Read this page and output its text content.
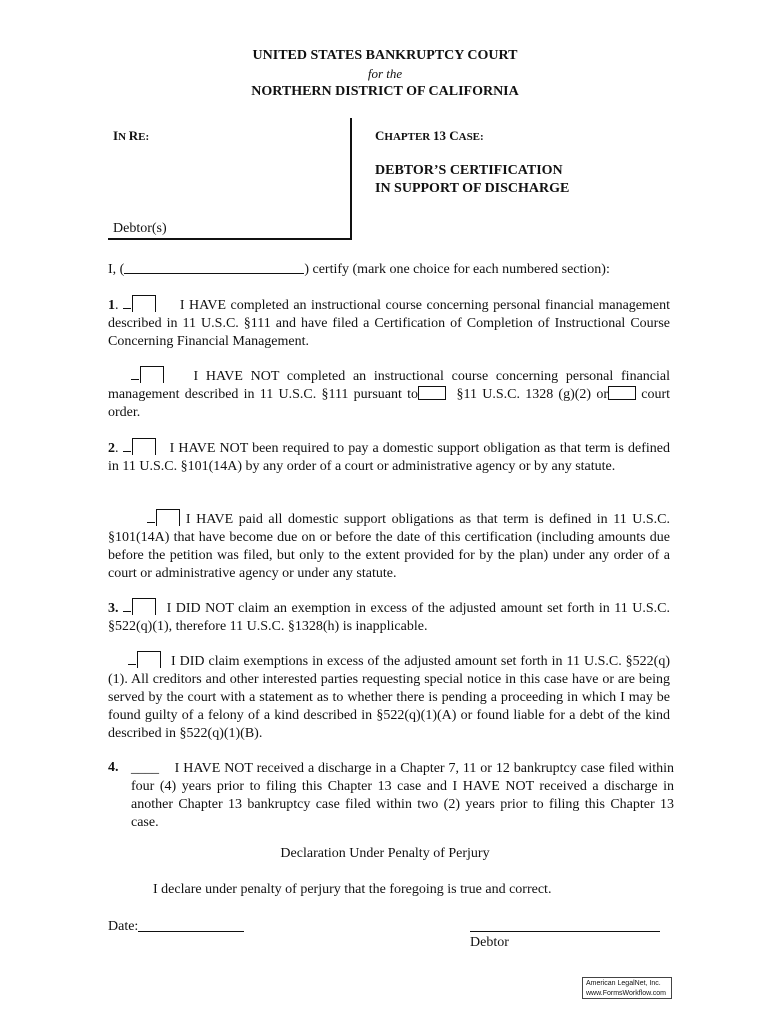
UNITED STATES BANKRUPTCY COURT
for the
NORTHERN DISTRICT OF CALIFORNIA
IN RE:
Debtor(s)
CHAPTER 13 CASE:
DEBTOR’S CERTIFICATION
IN SUPPORT OF DISCHARGE
I, (	) certify (mark one choice for each numbered section):
1.	I HAVE completed an instructional course concerning personal financial management described in 11 U.S.C. §111 and have filed a Certification of Completion of Instructional Course Concerning Financial Management.
I HAVE NOT completed an instructional course concerning personal financial management described in 11 U.S.C. §111 pursuant to	§11 U.S.C. 1328 (g)(2) or court order.
2.	I HAVE NOT been required to pay a domestic support obligation as that term is defined in 11 U.S.C. §101(14A) by any order of a court or administrative agency or by any statute.
I HAVE paid all domestic support obligations as that term is defined in 11 U.S.C. §101(14A) that have become due on or before the date of this certification (including amounts due before the petition was filed, but only to the extent provided for by the plan) under any order of a court or administrative agency or under any statute.
3.	I DID NOT claim an exemption in excess of the adjusted amount set forth in 11 U.S.C. §522(q)(1), therefore 11 U.S.C. §1328(h) is inapplicable.
I DID claim exemptions in excess of the adjusted amount set forth in 11 U.S.C. §522(q)(1). All creditors and other interested parties requesting special notice in this case have or are being served by the court with a statement as to whether there is pending a proceeding in which I may be found guilty of a felony of a kind described in §522(q)(1)(A) or found liable for a debt of the kind described in §522(q)(1)(B).
4. ____ I HAVE NOT received a discharge in a Chapter 7, 11 or 12 bankruptcy case filed within four (4) years prior to filing this Chapter 13 case and I HAVE NOT received a discharge in another Chapter 13 bankruptcy case filed within two (2) years prior to filing this Chapter 13 case.
Declaration Under Penalty of Perjury
I declare under penalty of perjury that the foregoing is true and correct.
Date:
Debtor
American LegalNet, Inc.
www.FormsWorkflow.com
